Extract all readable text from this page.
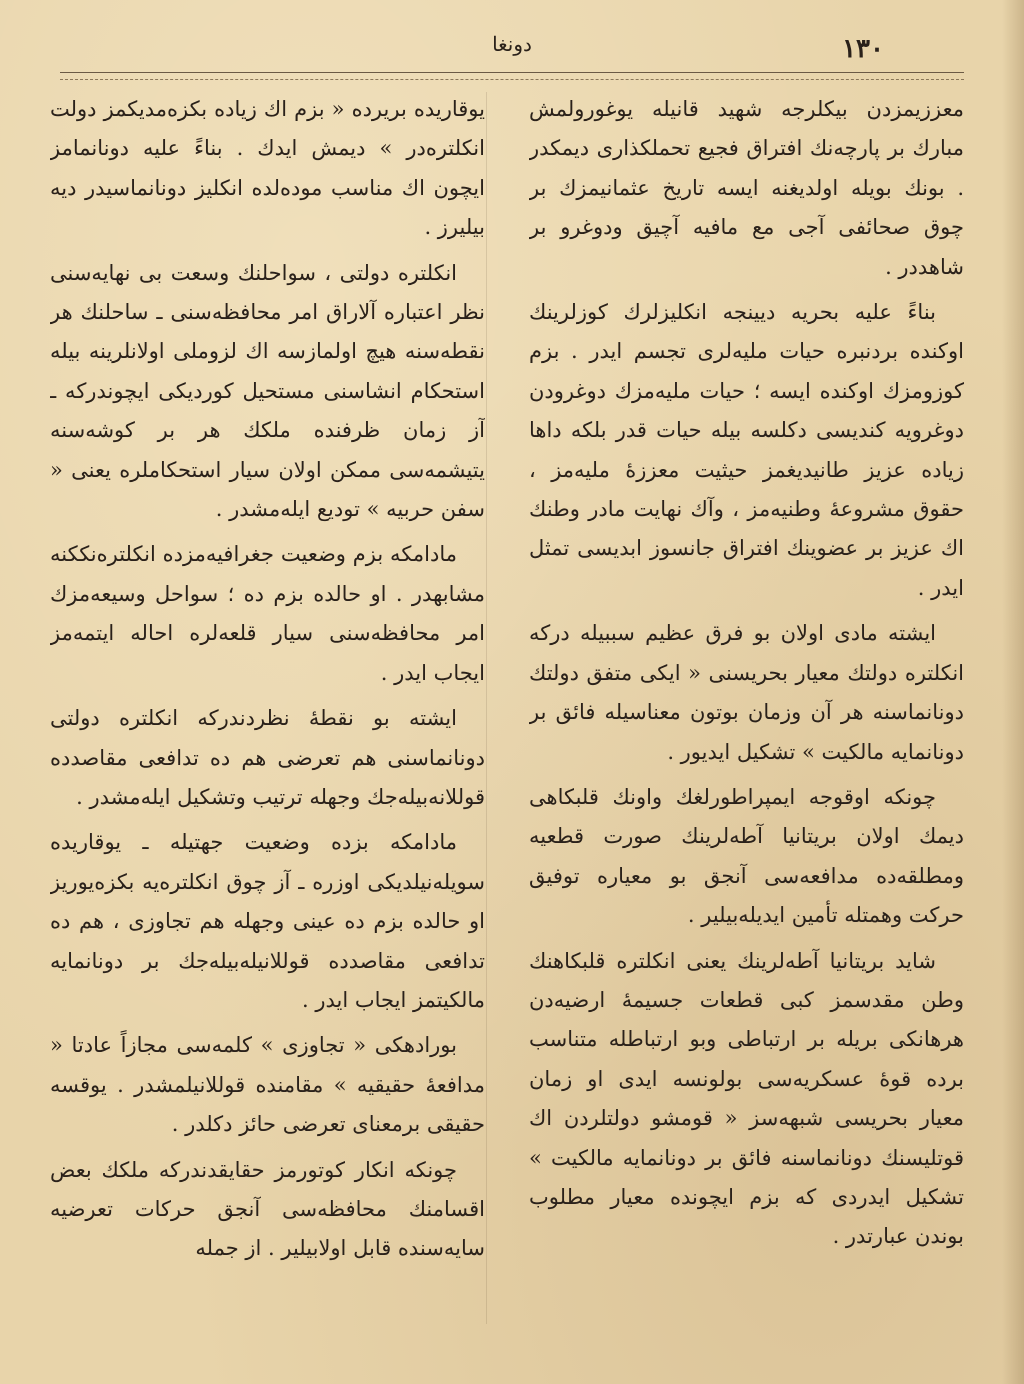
١٣٠
دونغا

معززيمزدن بيكلرجه شهيد قانيله يوغورولمش مبارك بر پارچه‌نك افتراق فجيع تحملكذارى ديمكدر . بونك بويله اولديغنه ايسه تاريخ عثمانيمزك بر چوق صحائفى آجى مع مافيه آچيق ودوغرو بر شاهددر .

بناءً عليه بحريه ديينجه انكليزلرك كوزلرينك اوكنده بردنبره حيات مليه‌لرى تجسم ايدر . بزم كوزومزك اوكنده ايسه ؛ حيات مليه‌مزك دوغرودن دوغرويه كنديسى دكلسه بيله حيات قدر بلكه داها زياده عزيز طانيديغمز حيثيت معززهٔ مليه‌مز ، حقوق مشروعهٔ وطنيه‌مز ، وآك نهايت مادر وطنك اك عزيز بر عضوينك افتراق جانسوز ابديسى تمثل ايدر .

ايشته مادى اولان بو فرق عظيم سببيله دركه انكلتره دولتك معيار بحريسنى « ايكى متفق دولتك دونانماسنه هر آن وزمان بوتون معناسيله فائق بر دونانمايه مالكيت » تشكيل ايديور .

چونكه اوقوجه ايمپراطورلغك واونك قلبكاهى ديمك اولان بريتانيا آطه‌لرينك صورت قطعيه ومطلقه‌ده مدافعه‌سى آنجق بو معياره توفيق حركت وهمتله تأمين ايديله‌بيلير .

شايد بريتانيا آطه‌لرينك يعنى انكلتره قلبكاهنك وطن مقدسمز كبى قطعات جسيمهٔ ارضيه‌دن هرهانكى بريله بر ارتباطى وبو ارتباطله متناسب برده قوهٔ عسكريه‌سى بولونسه ايدى او زمان معيار بحريسى شبهه‌سز « قومشو دولتلردن اك قوتليسنك دونانماسنه فائق بر دونانمايه مالكيت » تشكيل ايدردى كه بزم ايچونده معيار مطلوب بوندن عبارتدر .

يوقاريده بريرده « بزم اك زياده بكزه‌مديكمز دولت انكلتره‌در » ديمش ايدك . بناءً عليه دونانمامز ايچون اك مناسب موده‌لده انكليز دونانماسيدر ديه بيليرز .

انكلتره دولتى ، سواحلنك وسعت بى نهايه‌سنى نظر اعتباره آلاراق امر محافظه‌سنى ـ ساحلنك هر نقطه‌سنه هيچ اولمازسه اك لزوملى اولانلرينه بيله استحكام انشاسنى مستحيل كورديكى ايچوندركه ـ آز زمان ظرفنده ملكك هر بر كوشه‌سنه يتيشمه‌سى ممكن اولان سيار استحكاملره يعنى « سفن حربيه » توديع ايله‌مشدر .

مادامكه بزم وضعيت جغرافيه‌مزده انكلتره‌نككنه مشابهدر . او حالده بزم ده ؛ سواحل وسيعه‌مزك امر محافظه‌سنى سيار قلعه‌لره احاله ايتمه‌مز ايجاب ايدر .

ايشته بو نقطهٔ نظردندركه انكلتره دولتى دونانماسنى هم تعرضى هم ده تدافعى مقاصدده قوللانه‌بيله‌جك وجهله ترتيب وتشكيل ايله‌مشدر .

مادامكه بزده وضعيت جهتيله ـ يوقاريده سويله‌نيلديكى اوزره ـ آز چوق انكلتره‌يه بكزه‌يوريز او حالده بزم ده عينى وجهله هم تجاوزى ، هم ده تدافعى مقاصدده قوللانيله‌بيله‌جك بر دونانمايه مالكيتمز ايجاب ايدر .

بورادهكى « تجاوزى » كلمه‌سى مجازاً عادتا « مدافعهٔ حقيقيه » مقامنده قوللانيلمشدر . يوقسه حقيقى برمعناى تعرضى حائز دكلدر .

چونكه انكار كوتورمز حقايقدندركه ملكك بعض اقسامنك محافظه‌سى آنجق حركات تعرضيه سايه‌سنده قابل اولابيلير . از جمله
